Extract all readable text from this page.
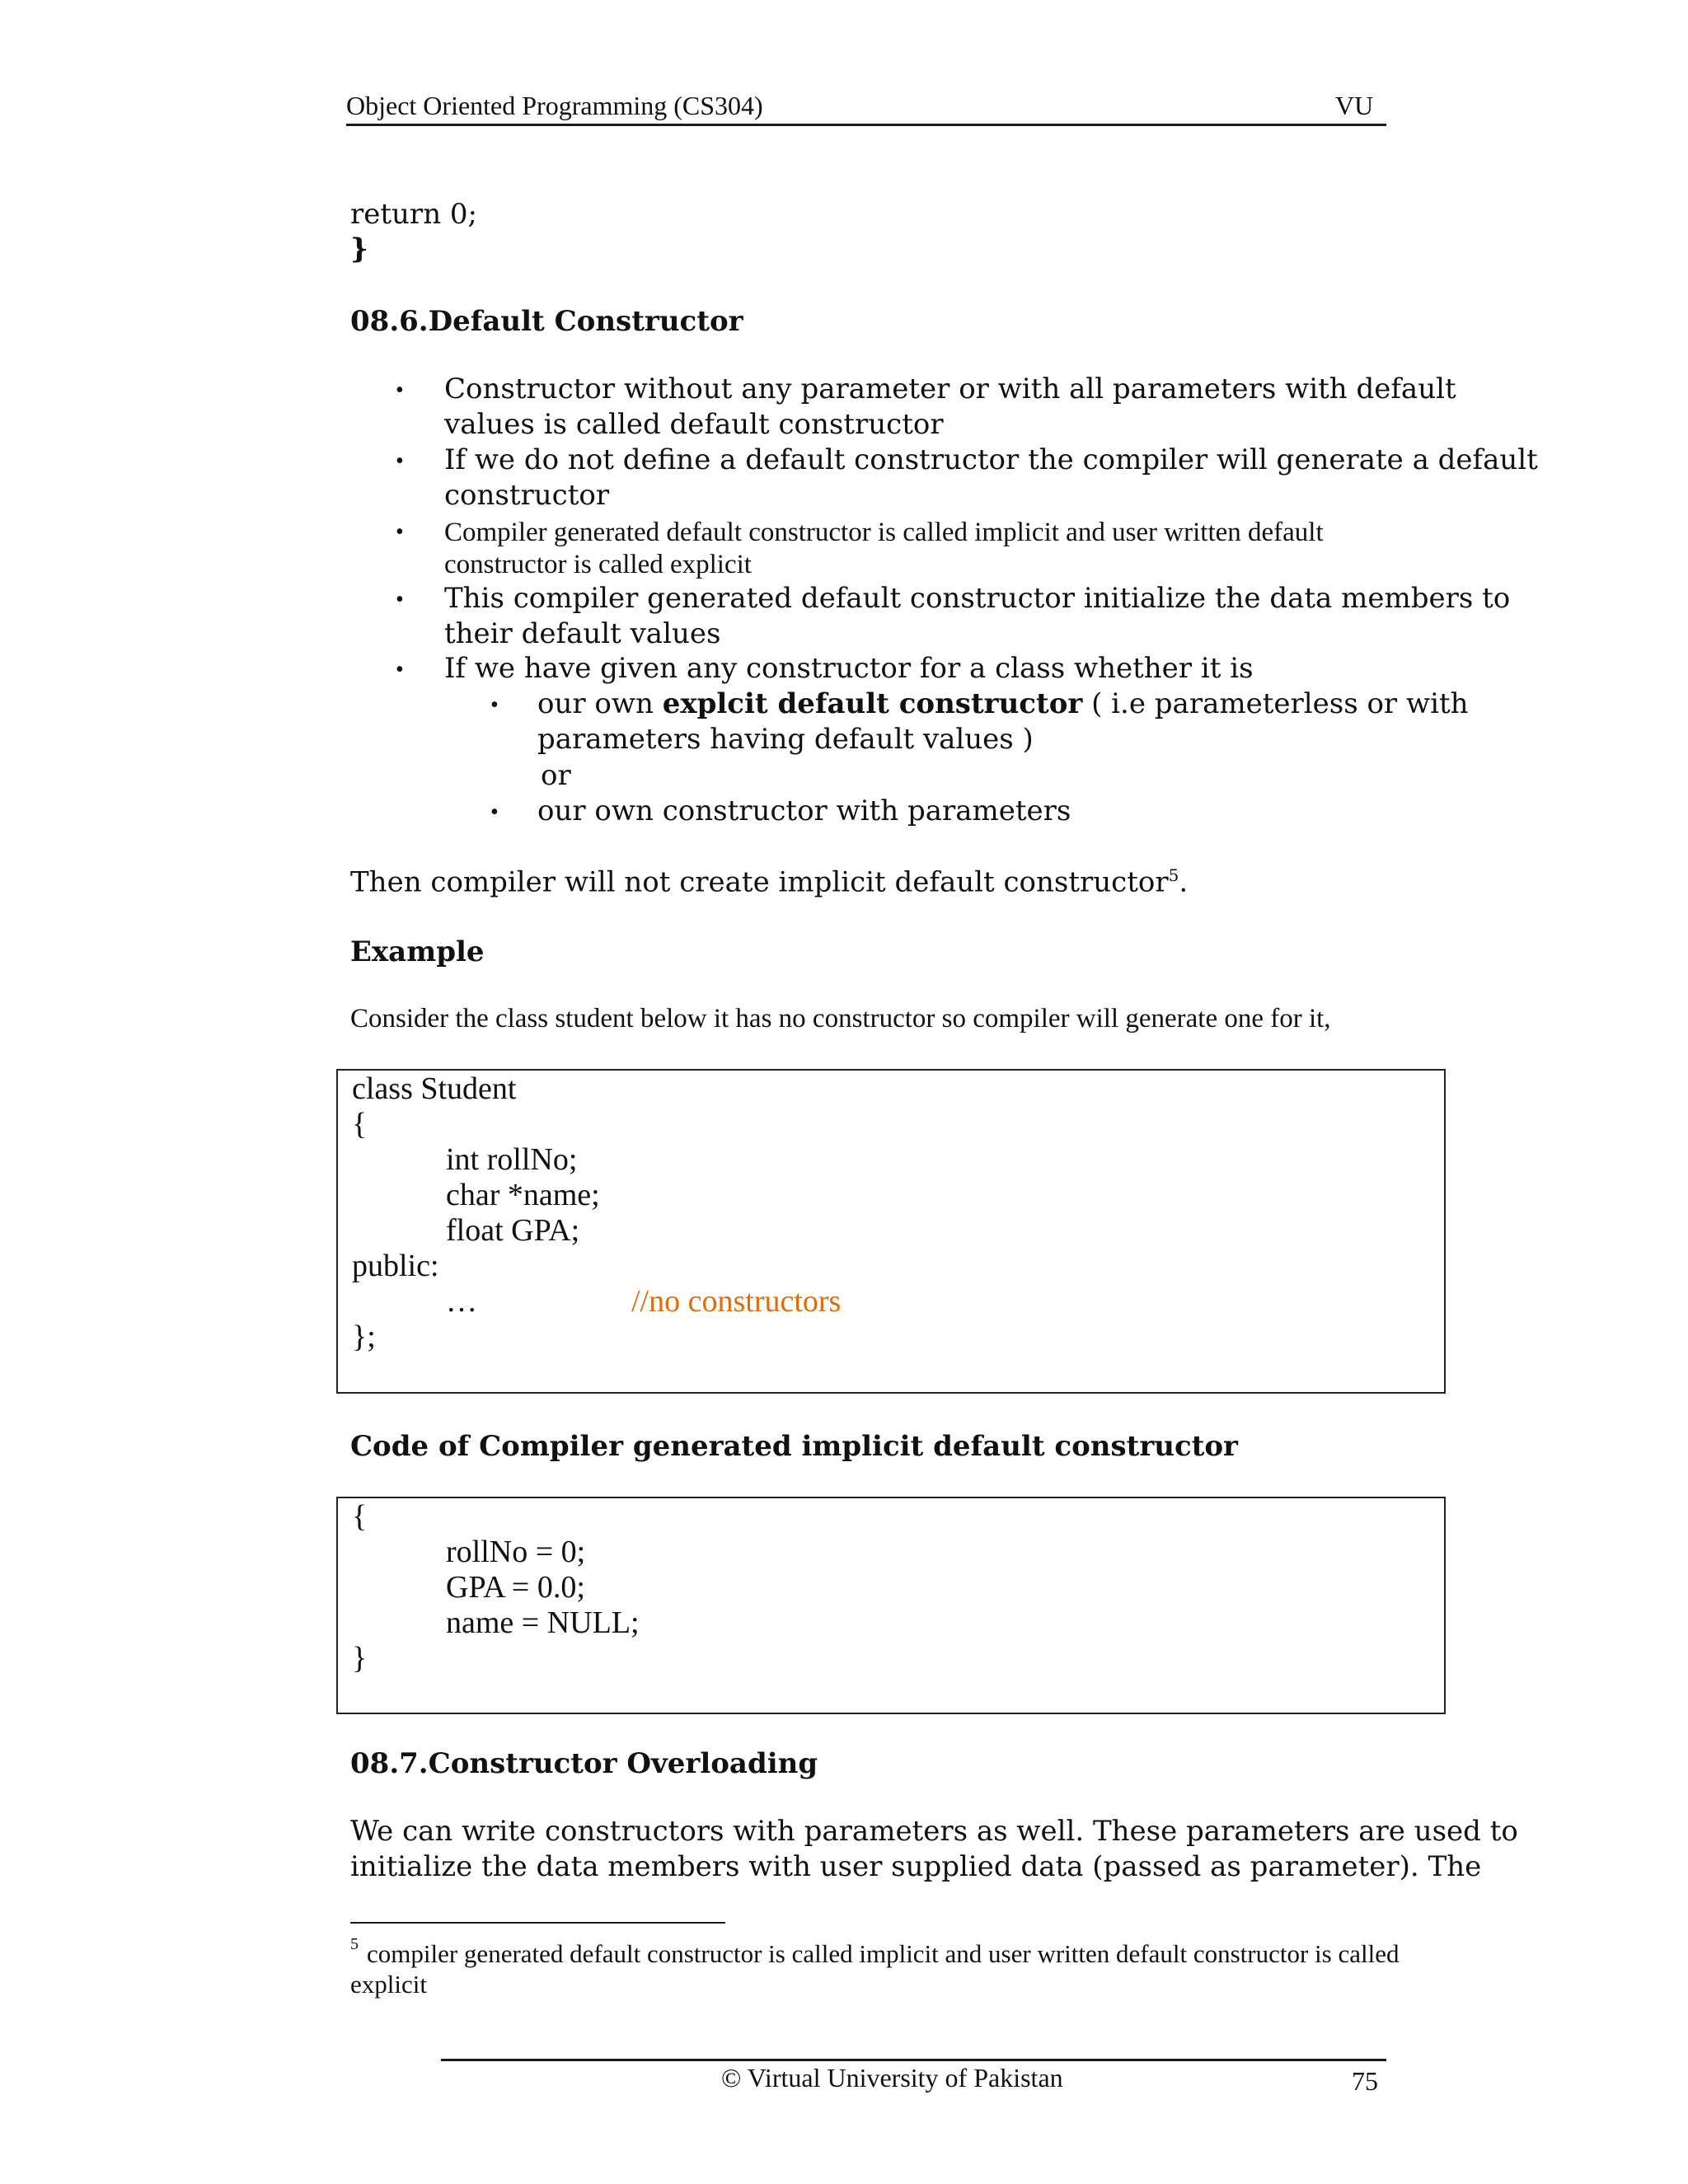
Object Oriented Programming (CS304)	VU
return 0;
}
08.6.Default Constructor
• Constructor without any parameter or with all parameters with default
values is called default constructor
• If we do not define a default constructor the compiler will generate a default
constructor
• Compiler generated default constructor is called implicit and user written default
constructor is called explicit
• This compiler generated default constructor initialize the data members to
their default values
• If we have given any constructor for a class whether it is
• our own explcit default constructor ( i.e parameterless or with
parameters having default values )
or
• our own constructor with parameters
Then compiler will not create implicit default constructor$^5$.
Example
Consider the class student below it has no constructor so compiler will generate one for it,
class Student
{
int rollNo;
char *name;
float GPA;
public:
…	//no constructors
};
Code of Compiler generated implicit default constructor
{
rollNo = 0;
GPA = 0.0;
name = NULL;
}
08.7.Constructor Overloading
We can write constructors with parameters as well. These parameters are used to
initialize the data members with user supplied data (passed as parameter). The
5 compiler generated default constructor is called implicit and user written default constructor is called
explicit
© Virtual University of Pakistan	75
